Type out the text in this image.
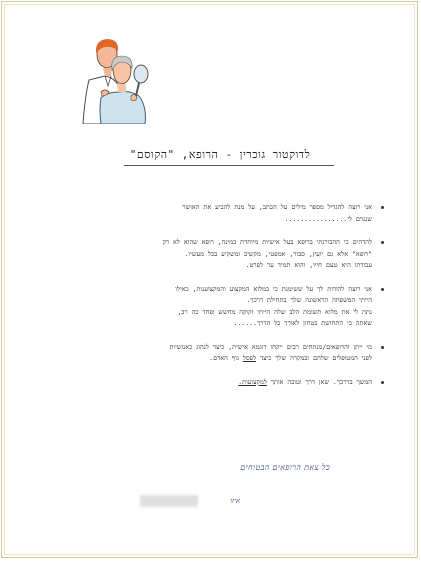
לדוקטור גוכרין - הרופא, "הקוסם"
אני רוצה להגדיל מספר מילים על הכתב, על מנת להביע את האושר
שנגרם לי................
להדהים כי ההבורנתי ברופא בעל אישיות מיוחדת במינה, רופא שהוא לא רק
"רופא" אלא גם יועץ, סבור, אמפטי, מקשיב ומשקיע בכל מעשיו.
עבודתו היא טעם חייו, והוא תמיד ער לפרט.
אני רוצה להודות לך על ששימנת כי במלוא המקצוע והמקצוענות, כאילו
הייתי המשפחה הראשונה שלך בתחילת דרכך.
נתת לי את מלוא תשומת הלב שלה הייתי זקוקה מחשש ופחד כה רב,
שאתה כי התחושת בטחון לאורך כל הדרך......
מי ייתן והרופאים/מנתחים רבים ייקחו דוגמא אישית, כיצד לנהוג כאנושיות
לפני המטופלים שלהם ובמקרה שלך כיצד לפסל גוף האדם.
המשך בדרכך. שאן דרך וטובה אותך למקצועות.
כל צאת הרופאים הבטוחים
איזו
